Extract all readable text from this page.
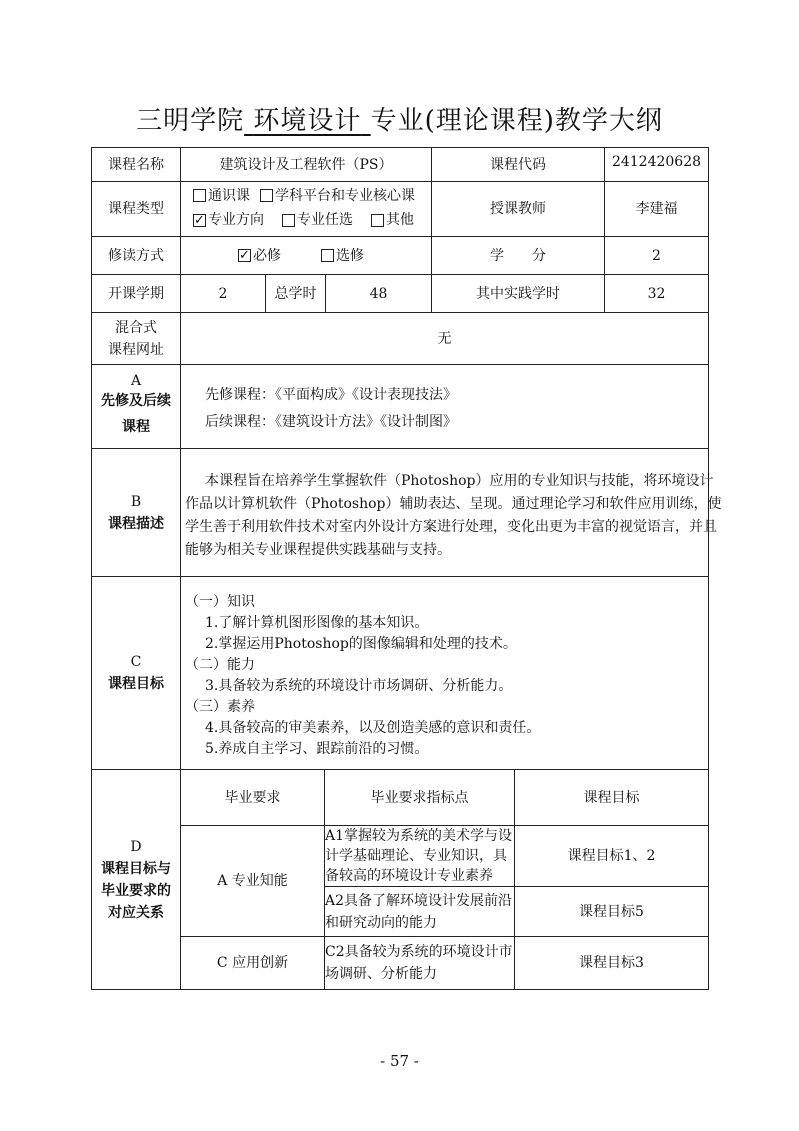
三明学院 环境设计 专业(理论课程)教学大纲
课程名称	建筑设计及工程软件（PS）	课程代码	2412420628
课程类型
通识课 学科平台和专业核心课
✓
专业方向 专业任选 其他
授课教师	李建福
修读方式
✓	必修	选修	学　　分	2
开课学期	2	总学时	48	其中实践学时	32
混合式
课程网址
无
A
先修及后续
课程
先修课程：《平面构成》《设计表现技法》
后续课程：《建筑设计方法》《设计制图》
B
课程描述
本课程旨在培养学生掌握软件（Photoshop）应用的专业知识与技能，将环境设计
作品以计算机软件（Photoshop）辅助表达、呈现。通过理论学习和软件应用训练，使
学生善于利用软件技术对室内外设计方案进行处理，变化出更为丰富的视觉语言，并且
能够为相关专业课程提供实践基础与支持。
C
课程目标
（一）知识
1.了解计算机图形图像的基本知识。
2.掌握运用Photoshop的图像编辑和处理的技术。
（二）能力
3.具备较为系统的环境设计市场调研、分析能力。
（三）素养
4.具备较高的审美素养，以及创造美感的意识和责任。
5.养成自主学习、跟踪前沿的习惯。
D
课程目标与
毕业要求的
对应关系
毕业要求	毕业要求指标点	课程目标
A 专业知能
A1掌握较为系统的美术学与设
计学基础理论、专业知识，具
备较高的环境设计专业素养
课程目标1、2
A2具备了解环境设计发展前沿
和研究动向的能力
课程目标5
C 应用创新
C2具备较为系统的环境设计市
场调研、分析能力
课程目标3
- 57 -
